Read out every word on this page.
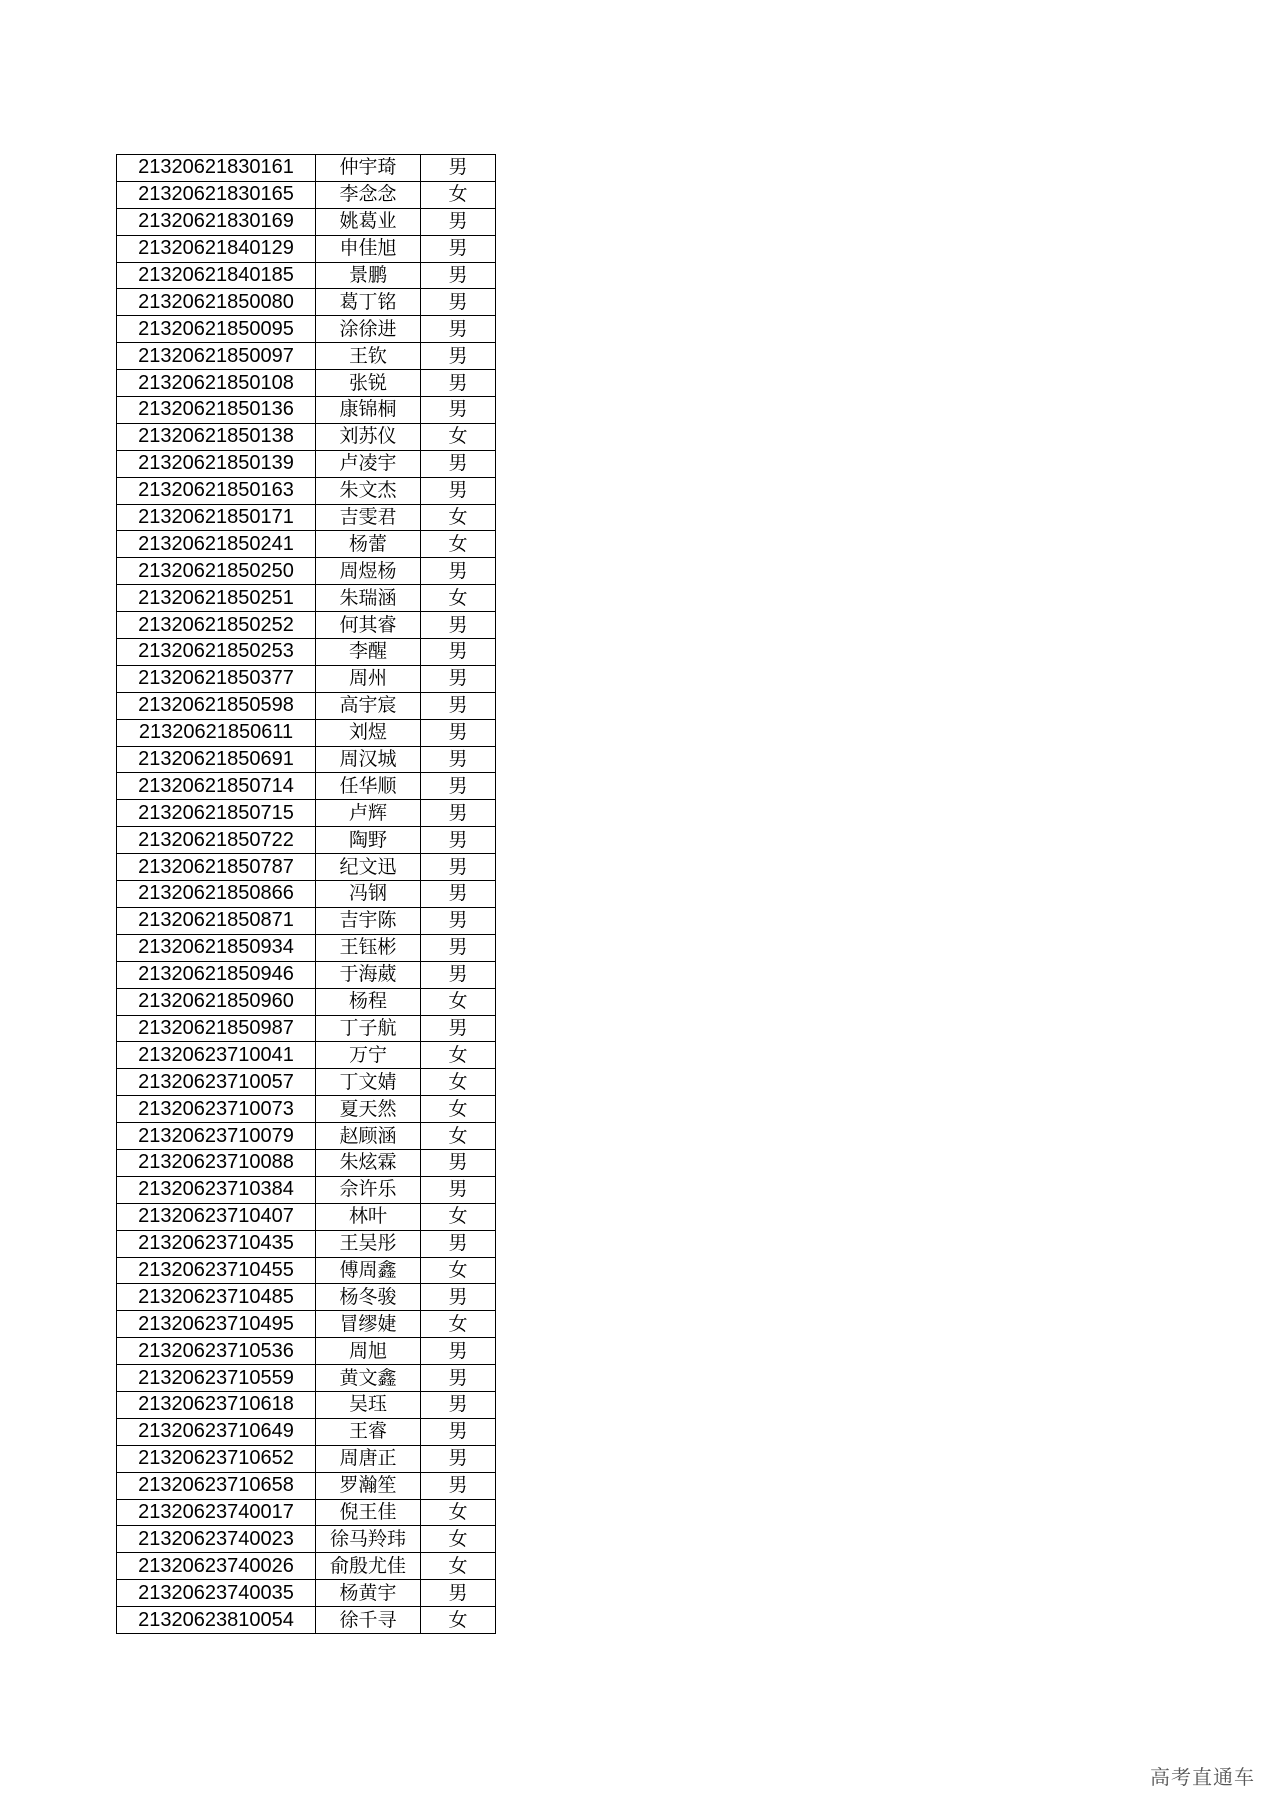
21320621830161	仲宇琦	男
21320621830165	李念念	女
21320621830169	姚葛业	男
21320621840129	申佳旭	男
21320621840185	景鹏	男
21320621850080	葛丁铭	男
21320621850095	涂徐进	男
21320621850097	王钦	男
21320621850108	张锐	男
21320621850136	康锦桐	男
21320621850138	刘苏仪	女
21320621850139	卢凌宇	男
21320621850163	朱文杰	男
21320621850171	吉雯君	女
21320621850241	杨蕾	女
21320621850250	周煜杨	男
21320621850251	朱瑞涵	女
21320621850252	何其睿	男
21320621850253	李醒	男
21320621850377	周州	男
21320621850598	高宇宸	男
21320621850611	刘煜	男
21320621850691	周汉城	男
21320621850714	任华顺	男
21320621850715	卢辉	男
21320621850722	陶野	男
21320621850787	纪文迅	男
21320621850866	冯钢	男
21320621850871	吉宇陈	男
21320621850934	王钰彬	男
21320621850946	于海葳	男
21320621850960	杨程	女
21320621850987	丁子航	男
21320623710041	万宁	女
21320623710057	丁文婧	女
21320623710073	夏天然	女
21320623710079	赵顾涵	女
21320623710088	朱炫霖	男
21320623710384	佘许乐	男
21320623710407	林叶	女
21320623710435	王吴彤	男
21320623710455	傅周鑫	女
21320623710485	杨冬骏	男
21320623710495	冒缪婕	女
21320623710536	周旭	男
21320623710559	黄文鑫	男
21320623710618	吴珏	男
21320623710649	王睿	男
21320623710652	周唐正	男
21320623710658	罗瀚笙	男
21320623740017	倪王佳	女
21320623740023	徐马羚玮	女
21320623740026	俞殷尤佳	女
21320623740035	杨黄宇	男
21320623810054	徐千寻	女
高考直通车
